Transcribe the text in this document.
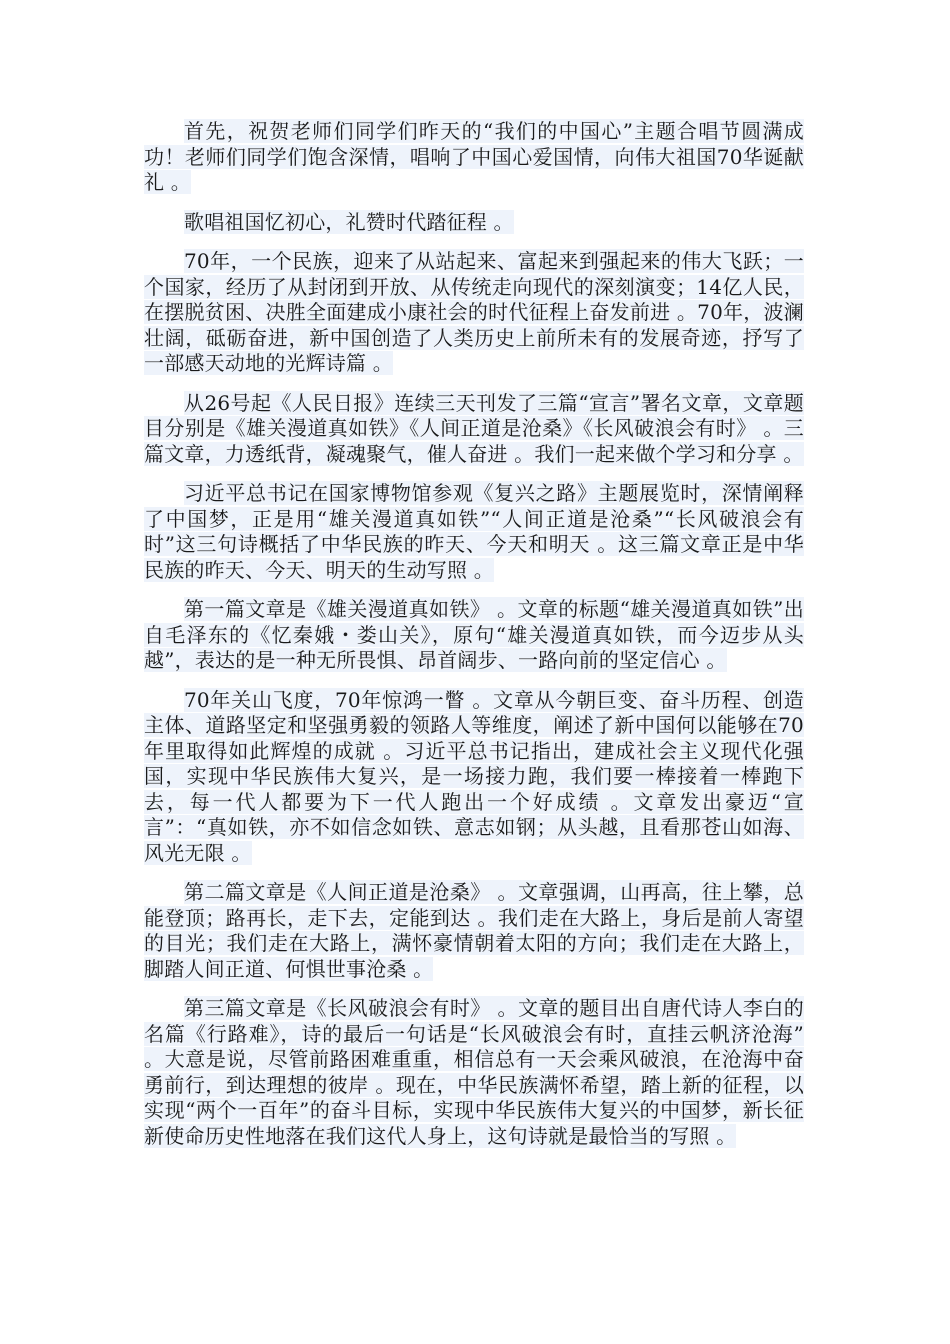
首先，祝贺老师们同学们昨天的“我们的中国心”主题合唱节圆满成功！老师们同学们饱含深情，唱响了中国心爱国情，向伟大祖国70华诞献礼 。

歌唱祖国忆初心，礼赞时代踏征程 。

70年，一个民族，迎来了从站起来、富起来到强起来的伟大飞跃；一个国家，经历了从封闭到开放、从传统走向现代的深刻演变；14亿人民，在摆脱贫困、决胜全面建成小康社会的时代征程上奋发前进 。70年，波澜壮阔，砥砺奋进，新中国创造了人类历史上前所未有的发展奇迹，抒写了一部感天动地的光辉诗篇 。

从26号起《人民日报》连续三天刊发了三篇“宣言”署名文章，文章题目分别是《雄关漫道真如铁》《人间正道是沧桑》《长风破浪会有时》 。三篇文章，力透纸背，凝魂聚气，催人奋进 。我们一起来做个学习和分享 。

习近平总书记在国家博物馆参观《复兴之路》主题展览时，深情阐释了中国梦，正是用“雄关漫道真如铁”“人间正道是沧桑”“长风破浪会有时”这三句诗概括了中华民族的昨天、今天和明天 。这三篇文章正是中华民族的昨天、今天、明天的生动写照 。

第一篇文章是《雄关漫道真如铁》 。文章的标题“雄关漫道真如铁”出自毛泽东的《忆秦娥・娄山关》，原句“雄关漫道真如铁，而今迈步从头越”，表达的是一种无所畏惧、昂首阔步、一路向前的坚定信心 。

70年关山飞度，70年惊鸿一瞥 。文章从今朝巨变、奋斗历程、创造主体、道路坚定和坚强勇毅的领路人等维度，阐述了新中国何以能够在70年里取得如此辉煌的成就 。习近平总书记指出，建成社会主义现代化强国，实现中华民族伟大复兴，是一场接力跑，我们要一棒接着一棒跑下去，每一代人都要为下一代人跑出一个好成绩 。文章发出豪迈“宣言”：“真如铁，亦不如信念如铁、意志如钢；从头越，且看那苍山如海、风光无限 。

第二篇文章是《人间正道是沧桑》 。文章强调，山再高，往上攀，总能登顶；路再长，走下去，定能到达 。我们走在大路上，身后是前人寄望的目光；我们走在大路上，满怀豪情朝着太阳的方向；我们走在大路上，脚踏人间正道、何惧世事沧桑 。

第三篇文章是《长风破浪会有时》 。文章的题目出自唐代诗人李白的名篇《行路难》，诗的最后一句话是“长风破浪会有时，直挂云帆济沧海” 。大意是说，尽管前路困难重重，相信总有一天会乘风破浪，在沧海中奋勇前行，到达理想的彼岸 。现在，中华民族满怀希望，踏上新的征程，以实现“两个一百年”的奋斗目标，实现中华民族伟大复兴的中国梦，新长征新使命历史性地落在我们这代人身上，这句诗就是最恰当的写照 。
